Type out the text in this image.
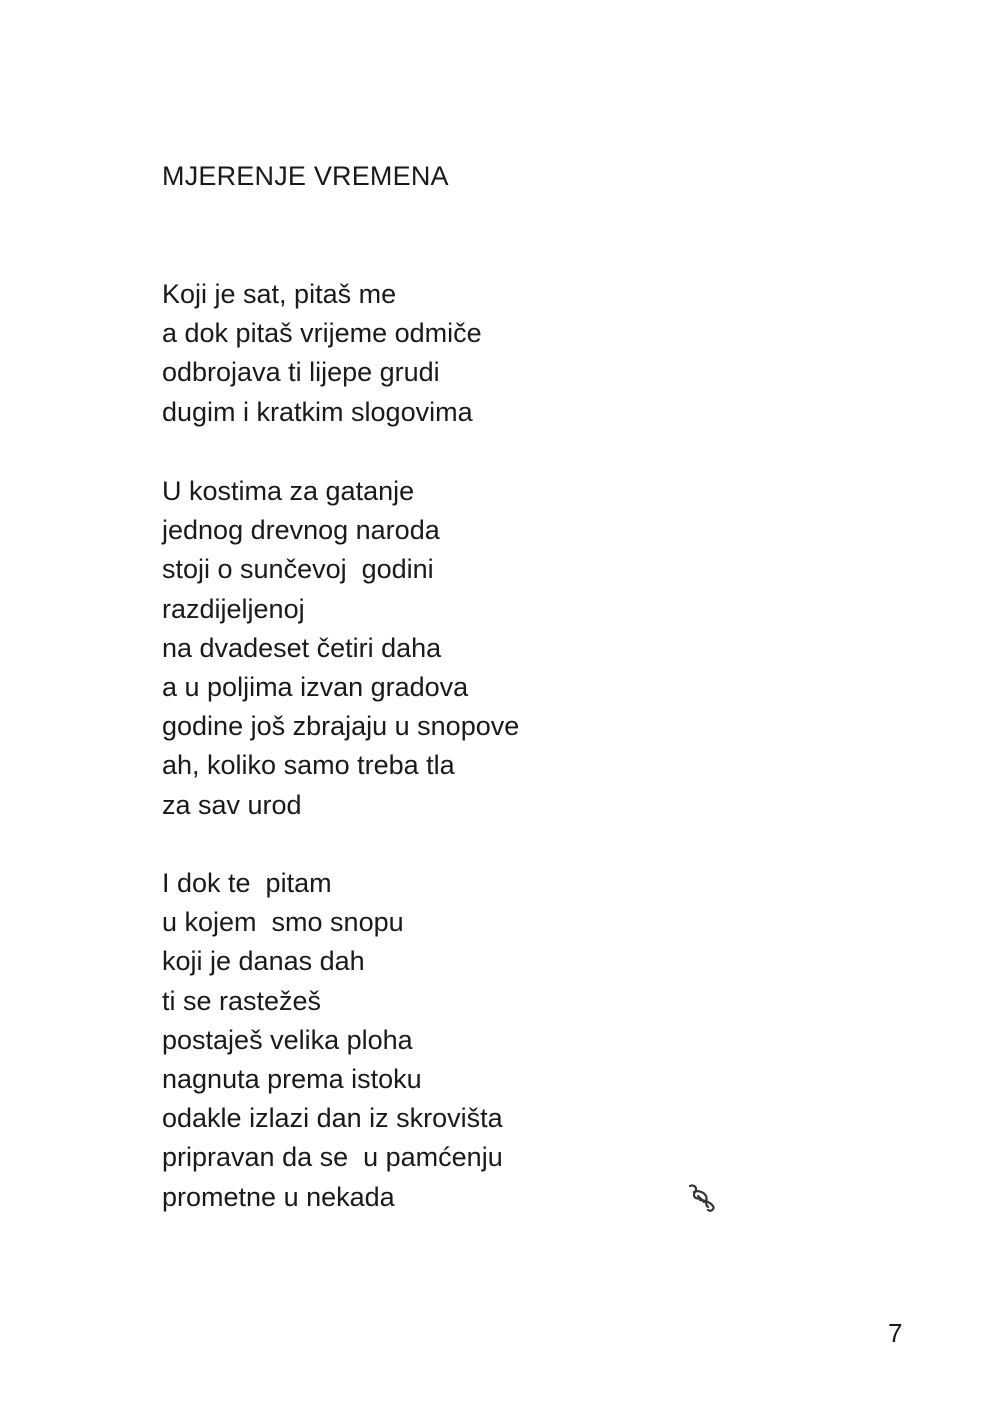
MJERENJE VREMENA
Koji je sat, pitaš me
a dok pitaš vrijeme odmiče
odbrojava ti lijepe grudi
dugim i kratkim slogovima
U kostima za gatanje
jednog drevnog naroda
stoji o sunčevoj  godini
razdijeljenoj
na dvadeset četiri daha
a u poljima izvan gradova
godine još zbrajaju u snopove
ah, koliko samo treba tla
za sav urod
I dok te  pitam
u kojem  smo snopu
koji je danas dah
ti se rastežeš
postaješ velika ploha
nagnuta prema istoku
odakle izlazi dan iz skrovišta
pripravan da se  u pamćenju
prometne u nekada
7
